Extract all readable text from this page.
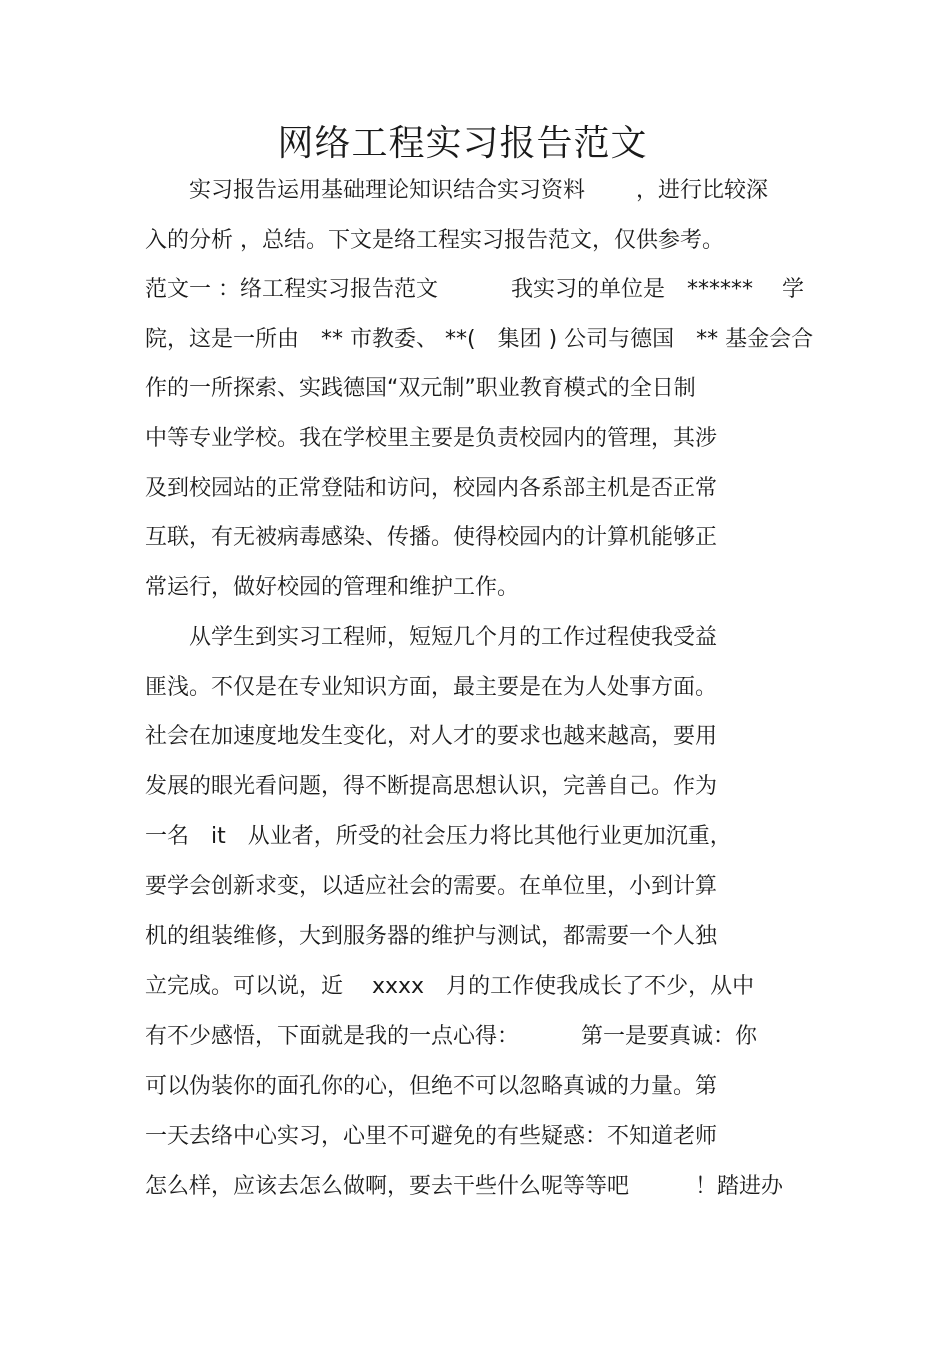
网络工程实习报告范文
　　实习报告运用基础理论知识结合实习资料　　 ，进行比较深
入的分析 ，总结。下文是络工程实习报告范文，仅供参考。
范文一 ：络工程实习报告范文　　　 我实习的单位是　****** 　学
院，这是一所由　** 市教委、 **(　集团 ) 公司与德国　** 基金会合
作的一所探索、实践德国“双元制”职业教育模式的全日制
中等专业学校。我在学校里主要是负责校园内的管理，其涉
及到校园站的正常登陆和访问，校园内各系部主机是否正常
互联，有无被病毒感染、传播。使得校园内的计算机能够正
常运行，做好校园的管理和维护工作。
　　从学生到实习工程师，短短几个月的工作过程使我受益
匪浅。不仅是在专业知识方面，最主要是在为人处事方面。
社会在加速度地发生变化，对人才的要求也越来越高，要用
发展的眼光看问题，得不断提高思想认识，完善自己。作为
一名　it　从业者，所受的社会压力将比其他行业更加沉重，
要学会创新求变，以适应社会的需要。在单位里，小到计算
机的组装维修，大到服务器的维护与测试，都需要一个人独
立完成。可以说，近　 xxxx　月的工作使我成长了不少，从中
有不少感悟，下面就是我的一点心得：　　　 第一是要真诚：你
可以伪装你的面孔你的心，但绝不可以忽略真诚的力量。第
一天去络中心实习，心里不可避免的有些疑惑：不知道老师
怎么样，应该去怎么做啊，要去干些什么呢等等吧　　　！踏进办
